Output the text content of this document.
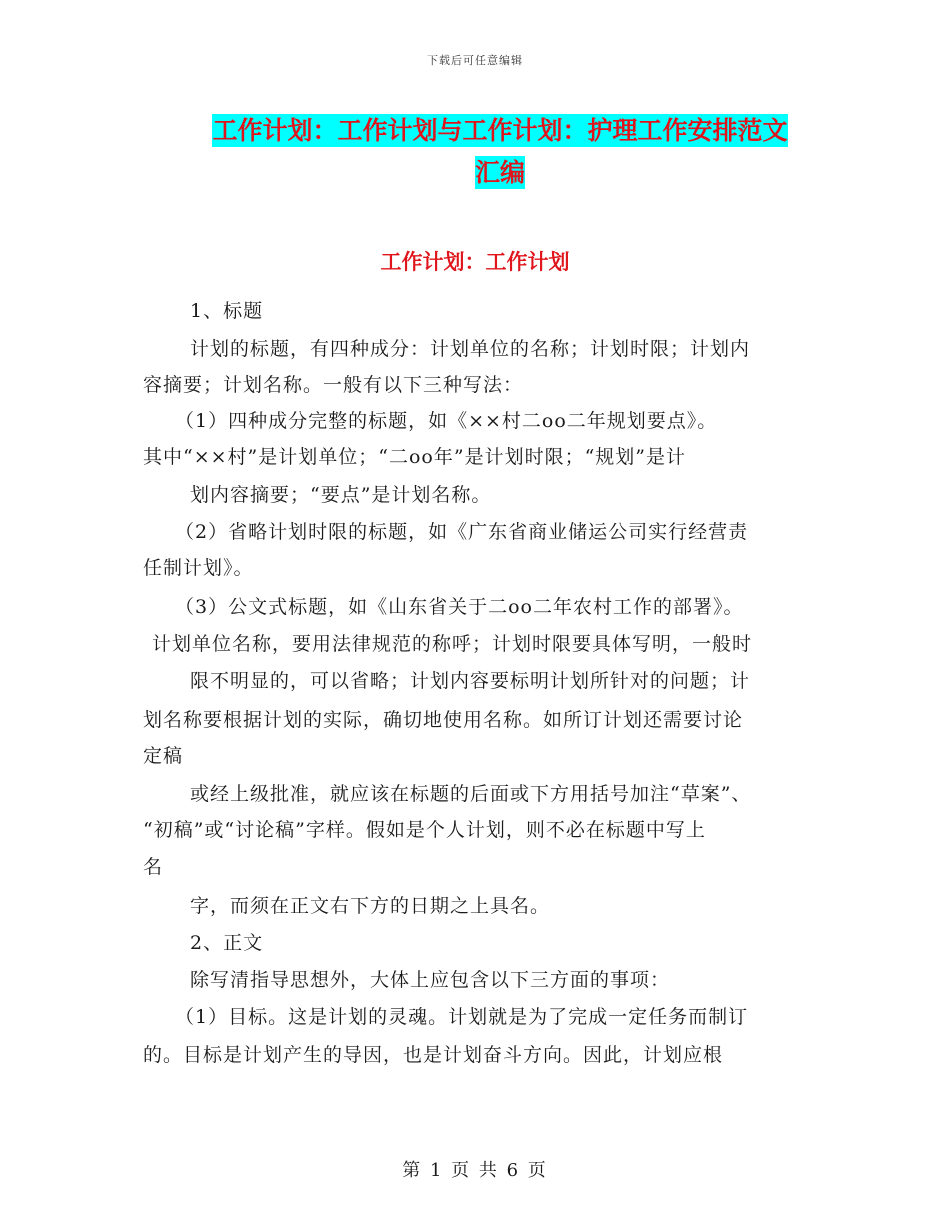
下载后可任意编辑
工作计划：工作计划与工作计划：护理工作安排范文
汇编
工作计划：工作计划
1、标题
计划的标题，有四种成分：计划单位的名称；计划时限；计划内
容摘要；计划名称。一般有以下三种写法：
（1）四种成分完整的标题，如《××村二oo二年规划要点》。
其中“××村”是计划单位；“二oo年”是计划时限；“规划”是计
划内容摘要；“要点”是计划名称。
（2）省略计划时限的标题，如《广东省商业储运公司实行经营责
任制计划》。
（3）公文式标题，如《山东省关于二oo二年农村工作的部署》。
计划单位名称，要用法律规范的称呼；计划时限要具体写明，一般时
限不明显的，可以省略；计划内容要标明计划所针对的问题；计
划名称要根据计划的实际，确切地使用名称。如所订计划还需要讨论
定稿
或经上级批准，就应该在标题的后面或下方用括号加注“草案”、
“初稿”或“讨论稿”字样。假如是个人计划，则不必在标题中写上
名
字，而须在正文右下方的日期之上具名。
2、正文
除写清指导思想外，大体上应包含以下三方面的事项：
（1）目标。这是计划的灵魂。计划就是为了完成一定任务而制订
的。目标是计划产生的导因，也是计划奋斗方向。因此，计划应根
第 1 页 共 6 页
